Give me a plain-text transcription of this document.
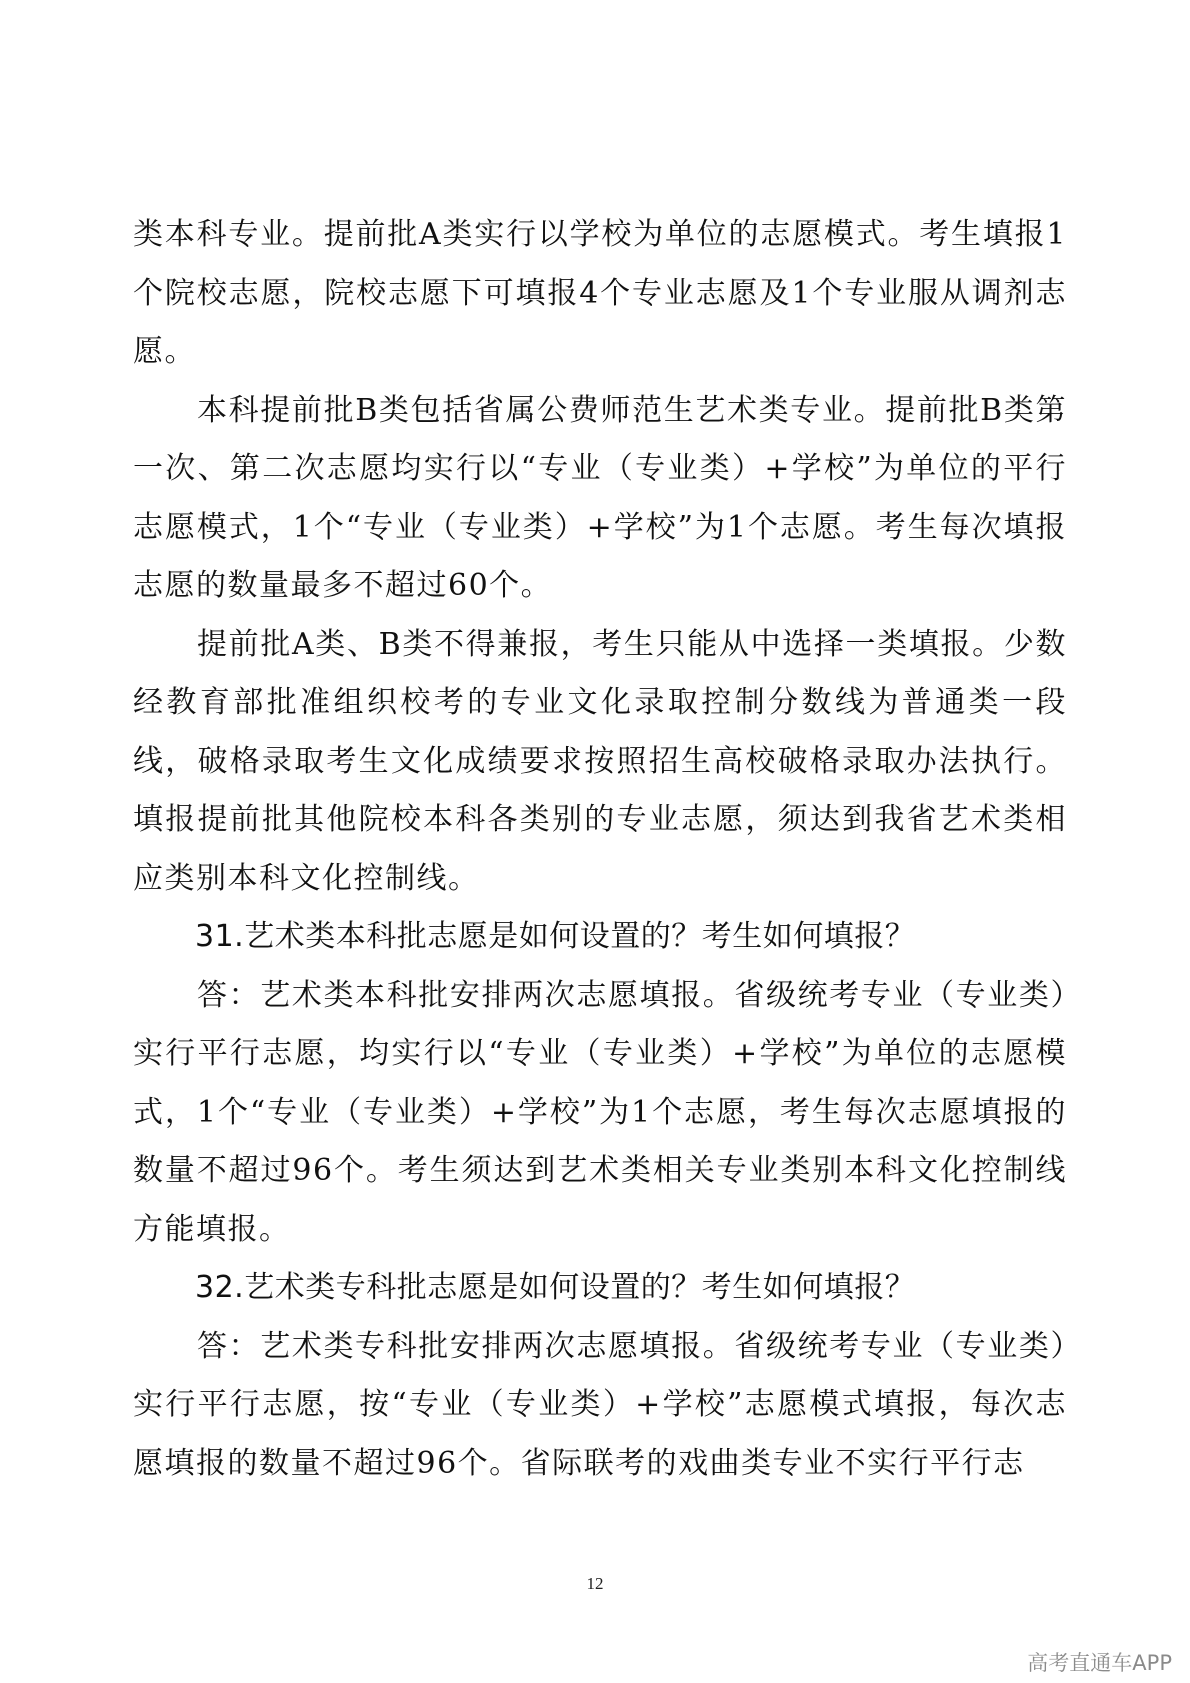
类本科专业。提前批A类实行以学校为单位的志愿模式。考生填报1个院校志愿，院校志愿下可填报4个专业志愿及1个专业服从调剂志愿。

本科提前批B类包括省属公费师范生艺术类专业。提前批B类第一次、第二次志愿均实行以“专业（专业类）+学校”为单位的平行志愿模式，1个“专业（专业类）+学校”为1个志愿。考生每次填报志愿的数量最多不超过60个。

提前批A类、B类不得兼报，考生只能从中选择一类填报。少数经教育部批准组织校考的专业文化录取控制分数线为普通类一段线，破格录取考生文化成绩要求按照招生高校破格录取办法执行。填报提前批其他院校本科各类别的专业志愿，须达到我省艺术类相应类别本科文化控制线。

31.艺术类本科批志愿是如何设置的？考生如何填报？

答：艺术类本科批安排两次志愿填报。省级统考专业（专业类）实行平行志愿，均实行以“专业（专业类）+学校”为单位的志愿模式，1个“专业（专业类）+学校”为1个志愿，考生每次志愿填报的数量不超过96个。考生须达到艺术类相关专业类别本科文化控制线方能填报。

32.艺术类专科批志愿是如何设置的？考生如何填报？

答：艺术类专科批安排两次志愿填报。省级统考专业（专业类）实行平行志愿，按“专业（专业类）+学校”志愿模式填报，每次志愿填报的数量不超过96个。省际联考的戏曲类专业不实行平行志

12
高考直通车APP
